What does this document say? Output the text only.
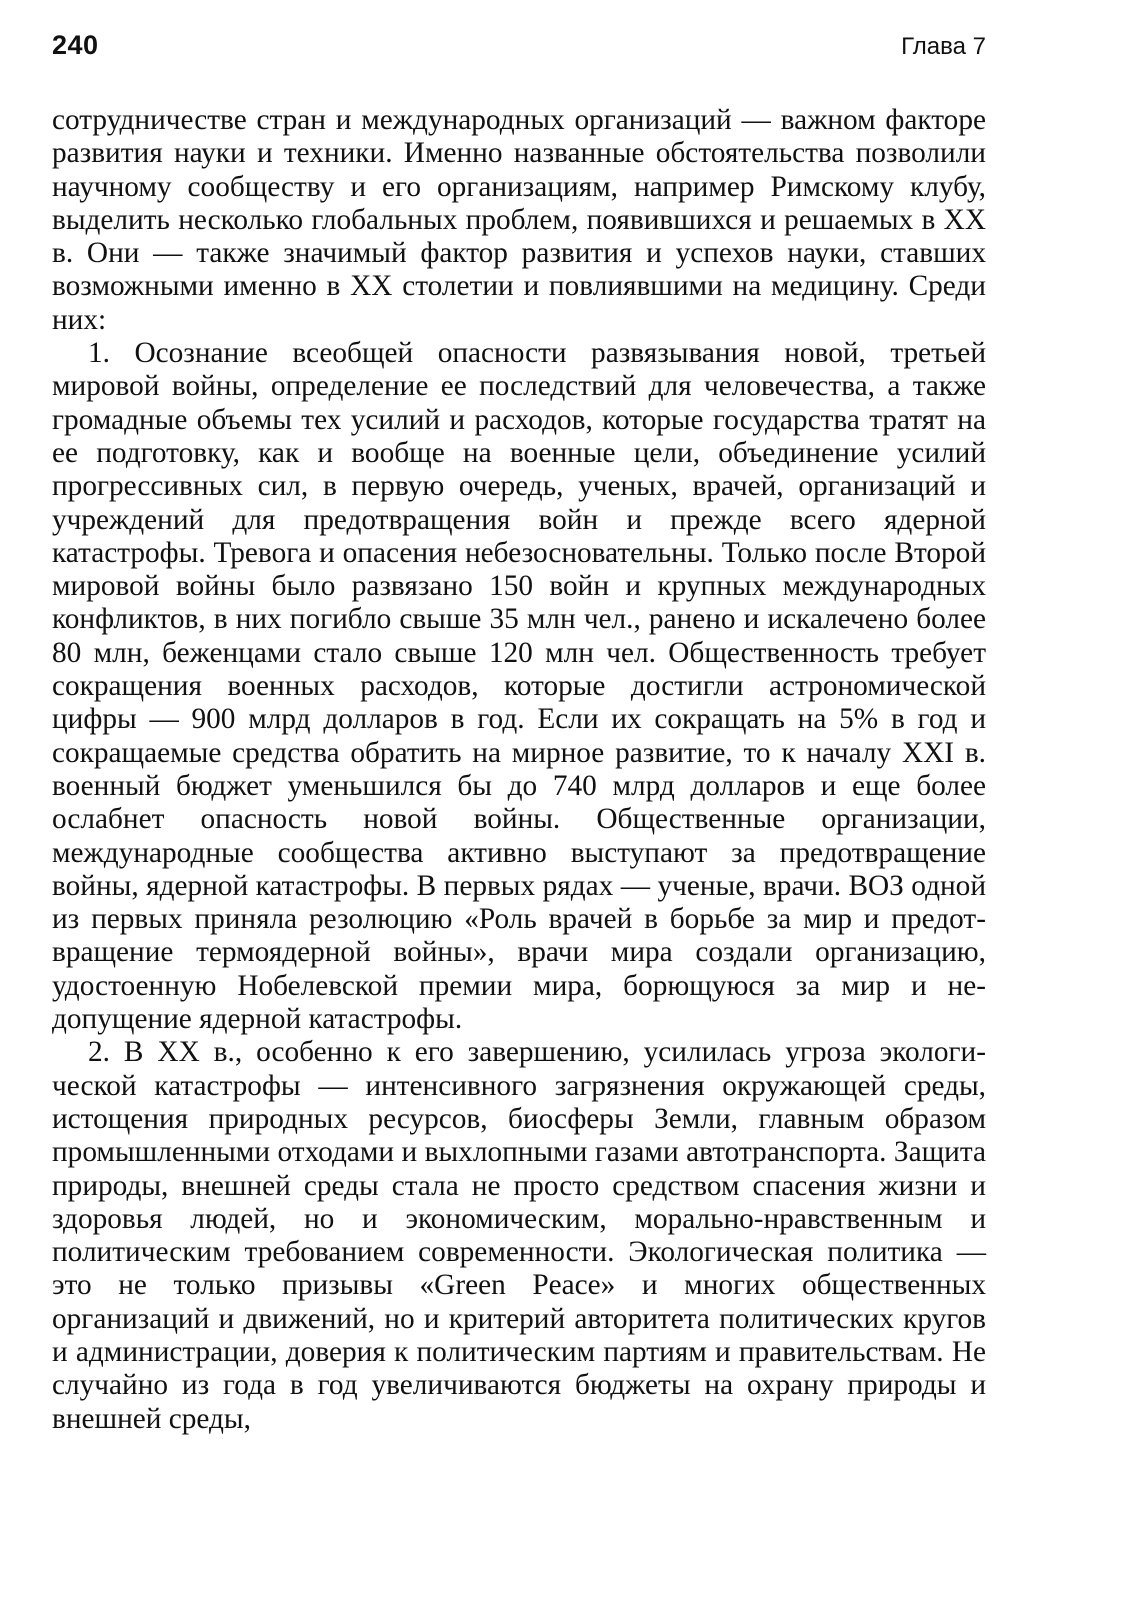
240	Глава 7

сотрудничестве стран и международных организаций — важном факторе развития науки и техники. Именно названные обстоятельства позволили научному сообществу и его организациям, например Римскому клубу, выделить несколько глобальных проблем, появившихся и решаемых в XX в. Они — также значимый фактор развития и успехов науки, ставших возможными именно в XX столетии и повлиявшими на медицину. Среди них:

1. Осознание всеобщей опасности развязывания новой, третьей мировой войны, определение ее последствий для человечества, а также громадные объемы тех усилий и расходов, которые государства тратят на ее подготовку, как и вообще на военные цели, объединение усилий прогрессивных сил, в первую очередь, ученых, врачей, организаций и учреждений для предотвращения войн и прежде всего ядерной катастрофы. Тревога и опасения небезосновательны. Только после Второй мировой войны было развязано 150 войн и крупных международных конфликтов, в них погибло свыше 35 млн чел., ранено и искалечено более 80 млн, беженцами стало свыше 120 млн чел. Общественность требует сокращения военных расходов, которые достигли астрономической цифры — 900 млрд долларов в год. Если их сокращать на 5% в год и сокращаемые средства обратить на мирное развитие, то к началу XXI в. военный бюджет уменьшился бы до 740 млрд долларов и еще более ослабнет опасность новой войны. Общественные организации, международные сообщества активно выступают за предотвращение войны, ядерной катастрофы. В первых рядах — ученые, врачи. ВОЗ одной из первых приняла резолюцию «Роль врачей в борьбе за мир и предотвращение термоядерной войны», врачи мира создали организацию, удостоенную Нобелевской премии мира, борющуюся за мир и недопущение ядерной катастрофы.

2. В XX в., особенно к его завершению, усилилась угроза экологической катастрофы — интенсивного загрязнения окружающей среды, истощения природных ресурсов, биосферы Земли, главным образом промышленными отходами и выхлопными газами автотранспорта. Защита природы, внешней среды стала не просто средством спасения жизни и здоровья людей, но и экономическим, морально-нравственным и политическим требованием современности. Экологическая политика — это не только призывы «Green Peace» и многих общественных организаций и движений, но и критерий авторитета политических кругов и администрации, доверия к политическим партиям и правительствам. Не случайно из года в год увеличиваются бюджеты на охрану природы и внешней среды,
